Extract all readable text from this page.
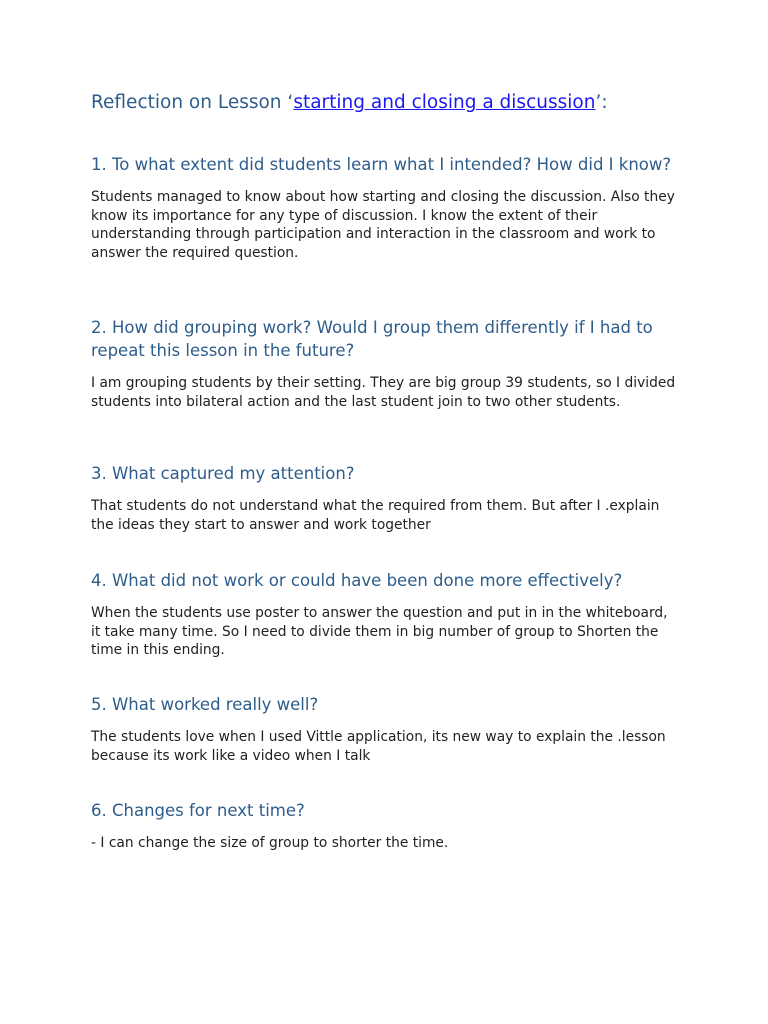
Reflection on Lesson ‘starting and closing a discussion’:
1. To what extent did students learn what I intended? How did I know?

Students managed to know about how starting and closing the discussion. Also they know its importance for any type of discussion. I know the extent of their understanding through participation and interaction in the classroom and work to answer the required question.

2. How did grouping work? Would I group them differently if I had to repeat this lesson in the future?

I am grouping students by their setting. They are big group 39 students, so I divided students into bilateral action and the last student join to two other students.

3. What captured my attention?

That students do not understand what the required from them. But after I .explain the ideas they start to answer and work together

4. What did not work or could have been done more effectively?

When the students use poster to answer the question and put in in the whiteboard, it take many time. So I need to divide them in big number of group to Shorten the time in this ending.

5. What worked really well?

The students love when I used Vittle application, its new way to explain the .lesson because its work like a video when I talk

6. Changes for next time?

- I can change the size of group to shorter the time.
